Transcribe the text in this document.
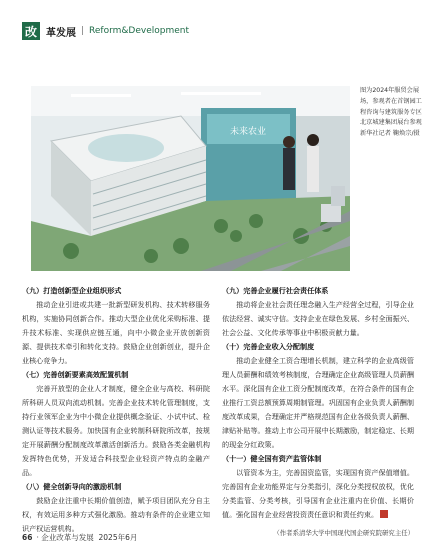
改 革发展 | Reform&Development
未来农业
图为2024年服贸会展场，参观者在首钢园工程咨询与建筑服务专区北京城建集团展台参观 新华社记者 鞠焕宗/摄

（九）打造创新型企业组织形式

推动企业引进或共建一批新型研发机构、技术转移服务机构，实施协同创新合作。推动大型企业优化采购标准、提升技术标准、实现供应链互通，向中小微企业开放创新资源、提供技术牵引和转化支持。鼓励企业创新创业，提升企业核心竞争力。

（七）完善创新要素高效配置机制

完善开放型的企业人才制度，健全企业与高校、科研院所科研人员双向流动机制。完善企业技术转化管理制度，支持行业领军企业为中小微企业提供概念验证、小试中试、检测认证等技术服务。加快国有企业转制科研院所改革，按规定开展薪酬分配制度改革激活创新活力。鼓励各类金融机构发挥特色优势，开发适合科技型企业轻资产特点的金融产品。

（八）健全创新导向的激励机制

鼓励企业注重中长期价值创造，赋予项目团队充分自主权，有效运用多种方式强化激励。推动有条件的企业建立知识产权运营机构。

（九）完善企业履行社会责任体系

推动将企业社会责任理念融入生产经营全过程，引导企业依法经营、诚实守信。支持企业在绿色发展、乡村全面振兴、社会公益、文化传承等事业中积极贡献力量。

（十）完善企业收入分配制度

推动企业健全工资合理增长机制，建立科学的企业高级管理人员薪酬和绩效考核制度，合理确定企业高级管理人员薪酬水平。深化国有企业工资分配制度改革，在符合条件的国有企业推行工资总额预算周期制管理。巩固国有企业负责人薪酬制度改革成果，合理确定并严格规范国有企业各级负责人薪酬、津贴补贴等。推动上市公司开展中长期激励，制定稳定、长期的现金分红政策。

（十一）健全国有资产监管体制

以管资本为主，完善国资监管，实现国有资产保值增值。完善国有企业功能界定与分类指引，深化分类授权放权，优化分类监管、分类考核，引导国有企业注重内在价值、长期价值。强化国有企业经营投资责任意识和责任约束。

（作者系清华大学中国现代国企研究院研究主任）
66 · 企业改革与发展
2025年6月
